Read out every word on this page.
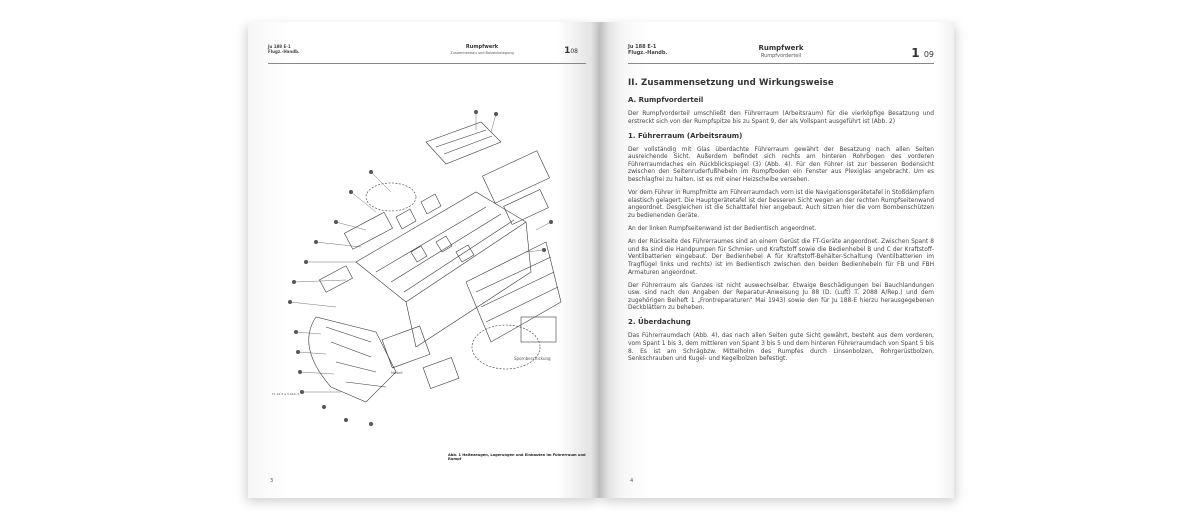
Ju 188 E-1
Flugz.-Handb.
Rumpfwerk
Zusammenbau und Bolzenbelegung	108
Spornbeschickung
Modell
TL 12 3 a 3 Abb. 5
Abb. 1 Haltezeugen, Lagerungen und Einbauten im Führerraum und Rumpf
3
Ju 188 E-1
Flugz.-Handb.
Rumpfwerk
Rumpfvorderteil	1 09
II. Zusammensetzung und Wirkungsweise
A. Rumpfvorderteil

Der Rumpfvorderteil umschließt den Führerraum (Arbeitsraum) für die vierköpfige Besatzung und erstreckt sich von der Rumpfspitze bis zu Spant 9, der als Vollspant ausgeführt ist (Abb. 2)

1. Führerraum (Arbeitsraum)

Der vollständig mit Glas überdachte Führerraum gewährt der Besatzung nach allen Seiten ausreichende Sicht. Außerdem befindet sich rechts am hinteren Rohrbogen des vorderen Führerraumdaches ein Rückblickspiegel (3) (Abb. 4). Für den Führer ist zur besseren Bodensicht zwischen den Seitenruderfußhebeln im Rumpfboden ein Fenster aus Plexiglas angebracht. Um es beschlagfrei zu halten, ist es mit einer Heizscheibe versehen.

Vor dem Führer in Rumpfmitte am Führerraumdach vorn ist die Navigationsgerätetafel in Stoßdämpfern elastisch gelagert. Die Hauptgerätetafel ist der besseren Sicht wegen an der rechten Rumpfseitenwand angeordnet. Desgleichen ist die Schalttafel hier angebaut. Auch sitzen hier die vom Bombenschützen zu bedienenden Geräte.

An der linken Rumpfseitenwand ist der Bedientisch angeordnet.

An der Rückseite des Führerraumes sind an einem Gerüst die FT-Geräte angeordnet. Zwischen Spant 8 und 8a sind die Handpumpen für Schmier- und Kraftstoff sowie die Bedienhebel B und C der Kraftstoff-Ventilbatterien eingebaut. Der Bedienhebel A für Kraftstoff-Behälter-Schaltung (Ventilbatterien im Tragflügel links und rechts) ist im Bedientisch zwischen den beiden Bedienhebeln für FB und FBH Armaturen angeordnet.

Der Führerraum als Ganzes ist nicht auswechselbar. Etwaige Beschädigungen bei Bauchlandungen usw. sind nach den Angaben der Reparatur-Anweisung Ju 88 (D. (Luft) T. 2088 A/Rep.) und dem zugehörigen Beiheft 1 „Frontreparaturen“ Mai 1943) sowie den für Ju 188-E hierzu herausgegebenen Deckblättern zu beheben.

2. Überdachung

Das Führerraumdach (Abb. 4), das nach allen Seiten gute Sicht gewährt, besteht aus dem vorderen, vom Spant 1 bis 3, dem mittleren von Spant 3 bis 5 und dem hinteren Führerraumdach von Spant 5 bis 8. Es ist am Schrägbzw. Mittelholm des Rumpfes durch Linsenbolzen, Rohrgerüstbolzen, Senkschrauben und Kugel- und Kegelbolzen befestigt.

4
